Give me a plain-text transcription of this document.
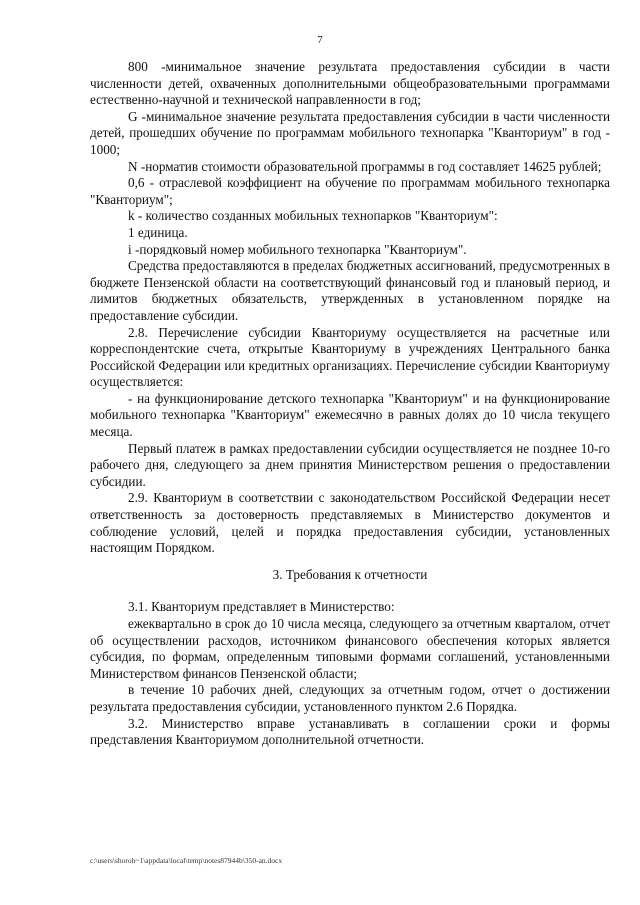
7

800 -минимальное значение результата предоставления субсидии в части численности детей, охваченных дополнительными общеобразовательными программами естественно-научной и технической направленности в год;

G -минимальное значение результата предоставления субсидии в части численности детей, прошедших обучение по программам мобильного технопарка "Кванториум" в год - 1000;

N -норматив стоимости образовательной программы в год составляет 14625 рублей;

0,6 - отраслевой коэффициент на обучение по программам мобильного технопарка "Кванториум";

k - количество созданных мобильных технопарков "Кванториум":

1 единица.

i -порядковый номер мобильного технопарка "Кванториум".

Средства предоставляются в пределах бюджетных ассигнований, предусмотренных в бюджете Пензенской области на соответствующий финансовый год и плановый период, и лимитов бюджетных обязательств, утвержденных в установленном порядке на предоставление субсидии.

2.8. Перечисление субсидии Кванториуму осуществляется на расчетные или корреспондентские счета, открытые Кванториуму в учреждениях Центрального банка Российской Федерации или кредитных организациях. Перечисление субсидии Кванториуму осуществляется:

- на функционирование детского технопарка "Кванториум" и на функционирование мобильного технопарка "Кванториум" ежемесячно в равных долях до 10 числа текущего месяца.

Первый платеж в рамках предоставлении субсидии осуществляется не позднее 10-го рабочего дня, следующего за днем принятия Министерством решения о предоставлении субсидии.

2.9. Кванториум в соответствии с законодательством Российской Федерации несет ответственность за достоверность представляемых в Министерство документов и соблюдение условий, целей и порядка предоставления субсидии, установленных настоящим Порядком.

3. Требования к отчетности

3.1. Кванториум представляет в Министерство:

ежеквартально в срок до 10 числа месяца, следующего за отчетным кварталом, отчет об осуществлении расходов, источником финансового обеспечения которых является субсидия, по формам, определенным типовыми формами соглашений, установленными Министерством финансов Пензенской области;

в течение 10 рабочих дней, следующих за отчетным годом, отчет о достижении результата предоставления субсидии, установленного пунктом 2.6 Порядка.

3.2. Министерство вправе устанавливать в соглашении сроки и формы представления Кванториумом дополнительной отчетности.

c:\users\shoroh~1\appdata\local\temp\notes87944b\350-an.docx
